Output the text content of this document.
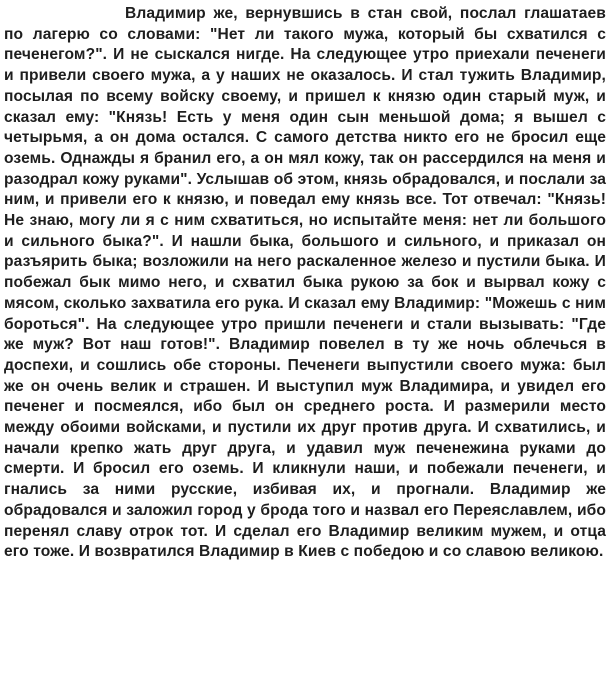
Владимир же, вернувшись в стан свой, послал глашатаев по лагерю со словами: "Нет ли такого мужа, который бы схватился с печенегом?". И не сыскался нигде. На следующее утро приехали печенеги и привели своего мужа, а у наших не оказалось. И стал тужить Владимир, посылая по всему войску своему, и пришел к князю один старый муж, и сказал ему: "Князь! Есть у меня один сын меньшой дома; я вышел с четырьмя, а он дома остался. С самого детства никто его не бросил еще оземь. Однажды я бранил его, а он мял кожу, так он рассердился на меня и разодрал кожу руками". Услышав об этом, князь обрадовался, и послали за ним, и привели его к князю, и поведал ему князь все. Тот отвечал: "Князь! Не знаю, могу ли я с ним схватиться, но испытайте меня: нет ли большого и сильного быка?". И нашли быка, большого и сильного, и приказал он разъярить быка; возложили на него раскаленное железо и пустили быка. И побежал бык мимо него, и схватил быка рукою за бок и вырвал кожу с мясом, сколько захватила его рука. И сказал ему Владимир: "Можешь с ним бороться". На следующее утро пришли печенеги и стали вызывать: "Где же муж? Вот наш готов!". Владимир повелел в ту же ночь облечься в доспехи, и сошлись обе стороны. Печенеги выпустили своего мужа: был же он очень велик и страшен. И выступил муж Владимира, и увидел его печенег и посмеялся, ибо был он среднего роста. И размерили место между обоими войсками, и пустили их друг против друга. И схватились, и начали крепко жать друг друга, и удавил муж печенежина руками до смерти. И бросил его оземь. И кликнули наши, и побежали печенеги, и гнались за ними русские, избивая их, и прогнали. Владимир же обрадовался и заложил город у брода того и назвал его Переяславлем, ибо перенял славу отрок тот. И сделал его Владимир великим мужем, и отца его тоже. И возвратился Владимир в Киев с победою и со славою великою.
